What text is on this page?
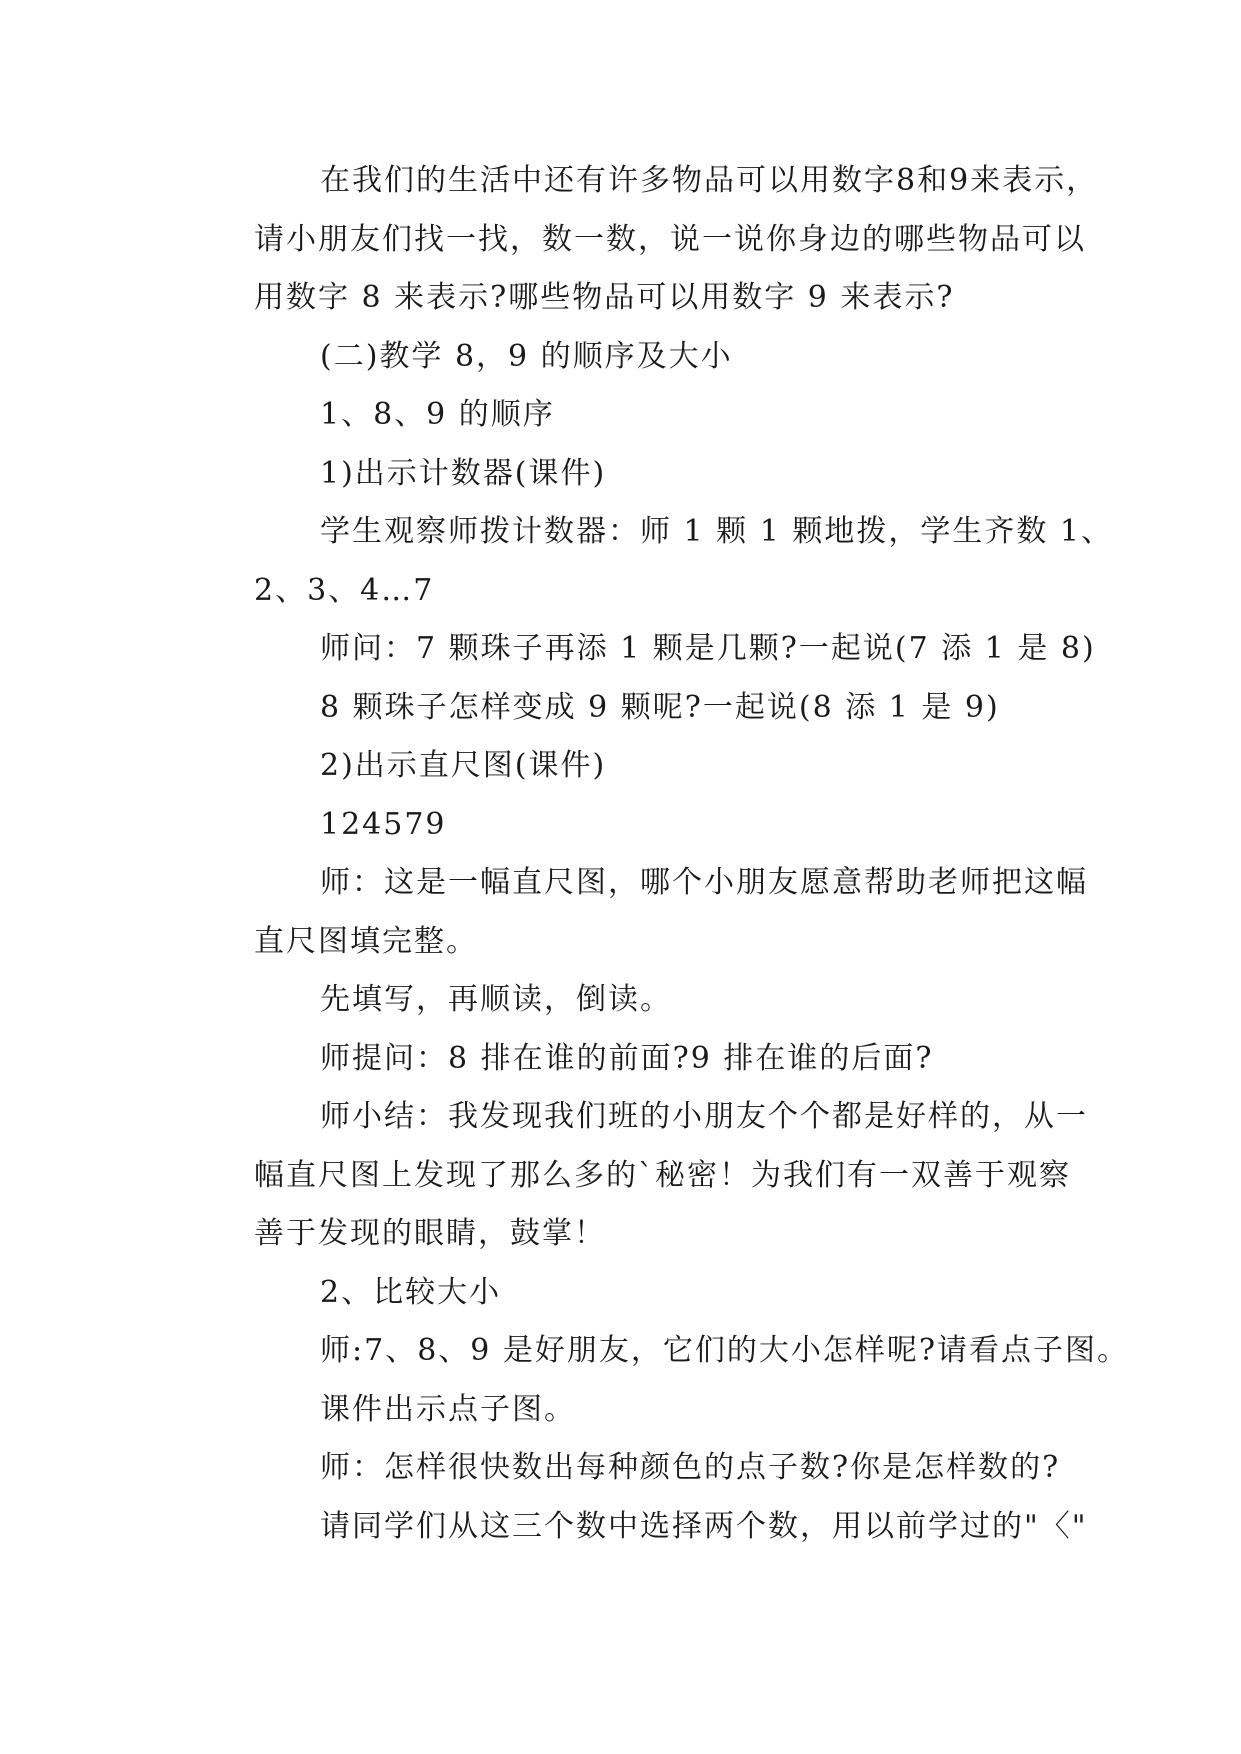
在我们的生活中还有许多物品可以用数字8和9来表示，
请小朋友们找一找，数一数，说一说你身边的哪些物品可以
用数字 8 来表示?哪些物品可以用数字 9 来表示?
(二)教学 8，9 的顺序及大小
1、8、9 的顺序
1)出示计数器(课件)
学生观察师拨计数器：师 1 颗 1 颗地拨，学生齐数 1、
2、3、4…7
师问：7 颗珠子再添 1 颗是几颗?一起说(7 添 1 是 8)
8 颗珠子怎样变成 9 颗呢?一起说(8 添 1 是 9)
2)出示直尺图(课件)
124579
师：这是一幅直尺图，哪个小朋友愿意帮助老师把这幅
直尺图填完整。
先填写，再顺读，倒读。
师提问：8 排在谁的前面?9 排在谁的后面?
师小结：我发现我们班的小朋友个个都是好样的，从一
幅直尺图上发现了那么多的`秘密！为我们有一双善于观察
善于发现的眼睛，鼓掌！
2、比较大小
师:7、8、9 是好朋友，它们的大小怎样呢?请看点子图。
课件出示点子图。
师：怎样很快数出每种颜色的点子数?你是怎样数的?
请同学们从这三个数中选择两个数，用以前学过的"〈"
